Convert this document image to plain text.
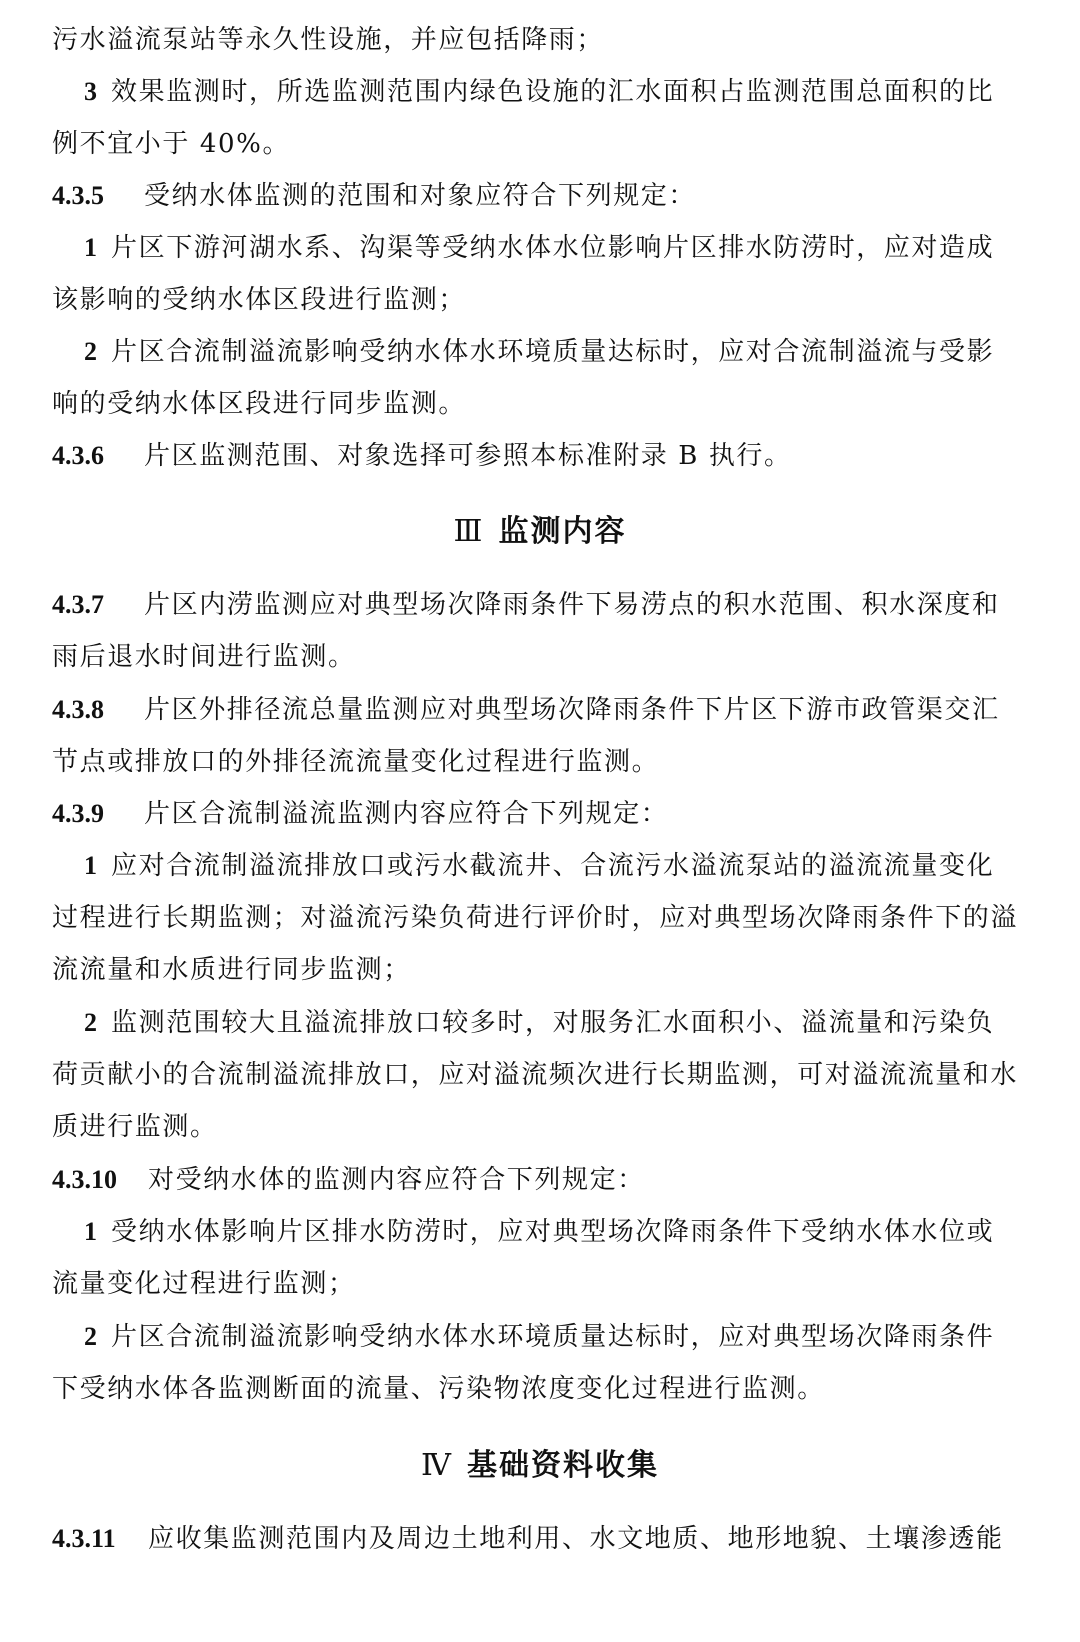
污水溢流泵站等永久性设施，并应包括降雨；
3 效果监测时，所选监测范围内绿色设施的汇水面积占监测范围总面积的比
例不宜小于 40%。
4.3.5 受纳水体监测的范围和对象应符合下列规定：
1 片区下游河湖水系、沟渠等受纳水体水位影响片区排水防涝时，应对造成
该影响的受纳水体区段进行监测；
2 片区合流制溢流影响受纳水体水环境质量达标时，应对合流制溢流与受影
响的受纳水体区段进行同步监测。
4.3.6 片区监测范围、对象选择可参照本标准附录 B 执行。
Ⅲ 监测内容
4.3.7 片区内涝监测应对典型场次降雨条件下易涝点的积水范围、积水深度和
雨后退水时间进行监测。
4.3.8 片区外排径流总量监测应对典型场次降雨条件下片区下游市政管渠交汇
节点或排放口的外排径流流量变化过程进行监测。
4.3.9 片区合流制溢流监测内容应符合下列规定：
1 应对合流制溢流排放口或污水截流井、合流污水溢流泵站的溢流流量变化
过程进行长期监测；对溢流污染负荷进行评价时，应对典型场次降雨条件下的溢
流流量和水质进行同步监测；
2 监测范围较大且溢流排放口较多时，对服务汇水面积小、溢流量和污染负
荷贡献小的合流制溢流排放口，应对溢流频次进行长期监测，可对溢流流量和水
质进行监测。
4.3.10 对受纳水体的监测内容应符合下列规定：
1 受纳水体影响片区排水防涝时，应对典型场次降雨条件下受纳水体水位或
流量变化过程进行监测；
2 片区合流制溢流影响受纳水体水环境质量达标时，应对典型场次降雨条件
下受纳水体各监测断面的流量、污染物浓度变化过程进行监测。
Ⅳ 基础资料收集
4.3.11 应收集监测范围内及周边土地利用、水文地质、地形地貌、土壤渗透能
